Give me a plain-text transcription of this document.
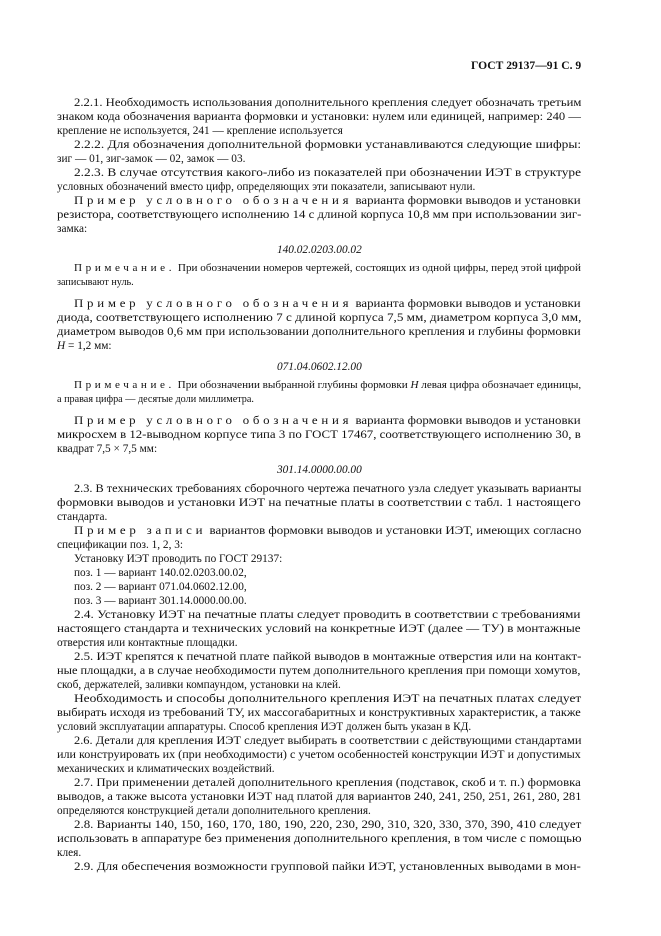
ГОСТ 29137—91 С. 9
2.2.1. Необходимость использования дополнительного крепления следует обозначать третьим
знаком кода обозначения варианта формовки и установки: нулем или единицей, например: 240 —
крепление не используется, 241 — крепление используется
2.2.2. Для обозначения дополнительной формовки устанавливаются следующие шифры:
зиг — 01, зиг-замок — 02, замок — 03.
2.2.3. В случае отсутствия какого-либо из показателей при обозначении ИЭТ в структуре
условных обозначений вместо цифр, определяющих эти показатели, записывают нули.
Пример условного обозначения варианта формовки выводов и установки
резистора, соответствующего исполнению 14 с длиной корпуса 10,8 мм при использовании зиг-
замка:
140.02.0203.00.02
Примечание. При обозначении номеров чертежей, состоящих из одной цифры, перед этой цифрой
записывают нуль.
Пример условного обозначения варианта формовки выводов и установки
диода, соответствующего исполнению 7 с длиной корпуса 7,5 мм, диаметром корпуса 3,0 мм,
диаметром выводов 0,6 мм при использовании дополнительного крепления и глубины формовки
H = 1,2 мм:
071.04.0602.12.00
Примечание. При обозначении выбранной глубины формовки H левая цифра обозначает единицы,
а правая цифра — десятые доли миллиметра.
Пример условного обозначения варианта формовки выводов и установки
микросхем в 12-выводном корпусе типа 3 по ГОСТ 17467, соответствующего исполнению 30, в
квадрат 7,5 × 7,5 мм:
301.14.0000.00.00
2.3. В технических требованиях сборочного чертежа печатного узла следует указывать варианты
формовки выводов и установки ИЭТ на печатные платы в соответствии с табл. 1 настоящего
стандарта.
Пример записи вариантов формовки выводов и установки ИЭТ, имеющих согласно
спецификации поз. 1, 2, 3:
Установку ИЭТ проводить по ГОСТ 29137:
поз. 1 — вариант 140.02.0203.00.02,
поз. 2 — вариант 071.04.0602.12.00,
поз. 3 — вариант 301.14.0000.00.00.
2.4. Установку ИЭТ на печатные платы следует проводить в соответствии с требованиями
настоящего стандарта и технических условий на конкретные ИЭТ (далее — ТУ) в монтажные
отверстия или контактные площадки.
2.5. ИЭТ крепятся к печатной плате пайкой выводов в монтажные отверстия или на контакт-
ные площадки, а в случае необходимости путем дополнительного крепления при помощи хомутов,
скоб, держателей, заливки компаундом, установки на клей.
Необходимость и способы дополнительного крепления ИЭТ на печатных платах следует
выбирать исходя из требований ТУ, их массогабаритных и конструктивных характеристик, а также
условий эксплуатации аппаратуры. Способ крепления ИЭТ должен быть указан в КД.
2.6. Детали для крепления ИЭТ следует выбирать в соответствии с действующими стандартами
или конструировать их (при необходимости) с учетом особенностей конструкции ИЭТ и допустимых
механических и климатических воздействий.
2.7. При применении деталей дополнительного крепления (подставок, скоб и т. п.) формовка
выводов, а также высота установки ИЭТ над платой для вариантов 240, 241, 250, 251, 261, 280, 281
определяются конструкцией детали дополнительного крепления.
2.8. Варианты 140, 150, 160, 170, 180, 190, 220, 230, 290, 310, 320, 330, 370, 390, 410 следует
использовать в аппаратуре без применения дополнительного крепления, в том числе с помощью
клея.
2.9. Для обеспечения возможности групповой пайки ИЭТ, установленных выводами в мон-
